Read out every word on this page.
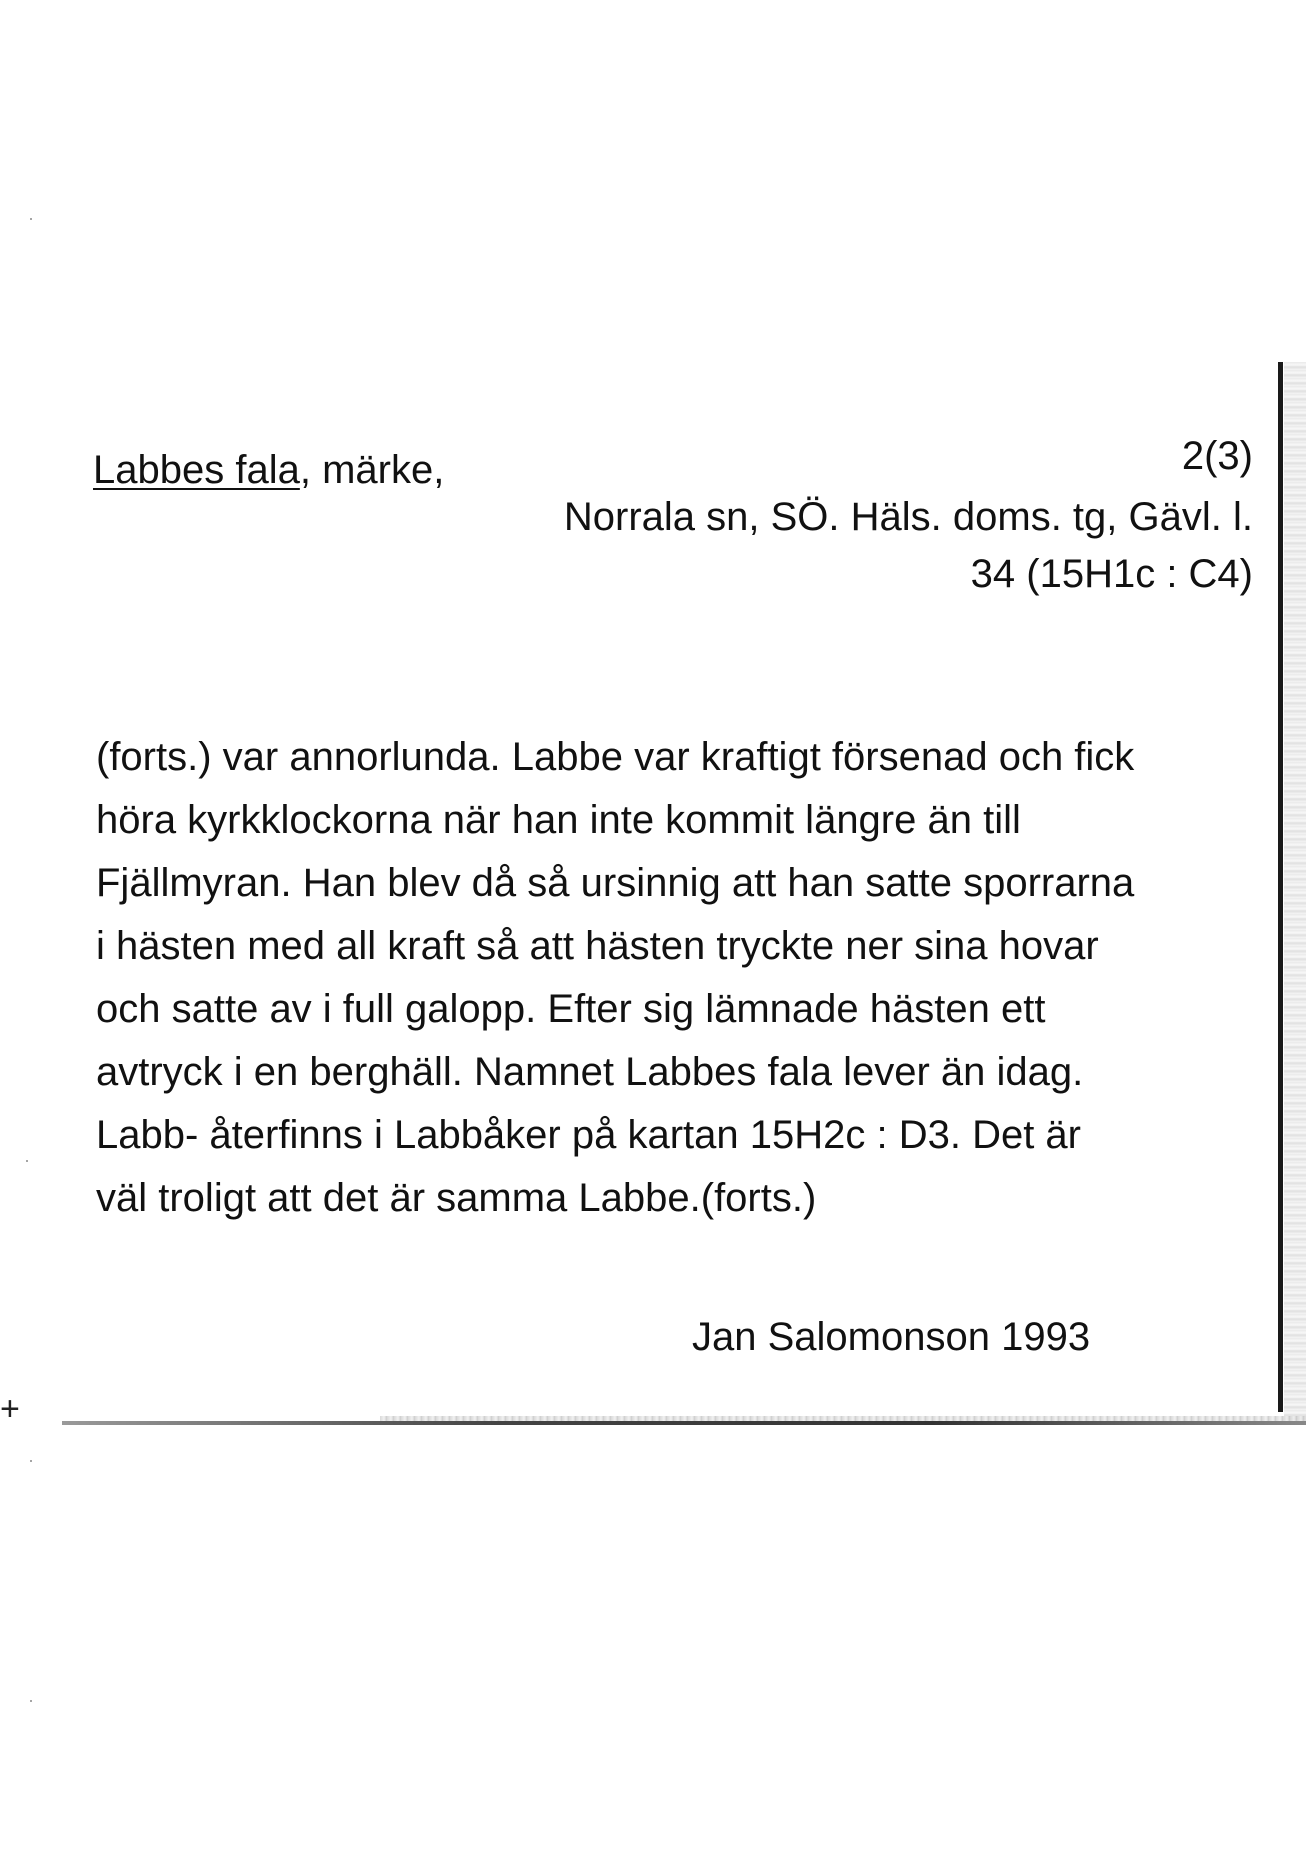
Labbes fala, märke,	2(3)
Norrala sn, SÖ. Häls. doms. tg, Gävl. l.
34 (15H1c : C4)
(forts.) var annorlunda. Labbe var kraftigt försenad och fick
höra kyrkklockorna när han inte kommit längre än till
Fjällmyran. Han blev då så ursinnig att han satte sporrarna
i hästen med all kraft så att hästen tryckte ner sina hovar
och satte av i full galopp. Efter sig lämnade hästen ett
avtryck i en berghäll. Namnet Labbes fala lever än idag.
Labb- återfinns i Labbåker på kartan 15H2c : D3. Det är
väl troligt att det är samma Labbe.(forts.)
Jan Salomonson 1993
+
